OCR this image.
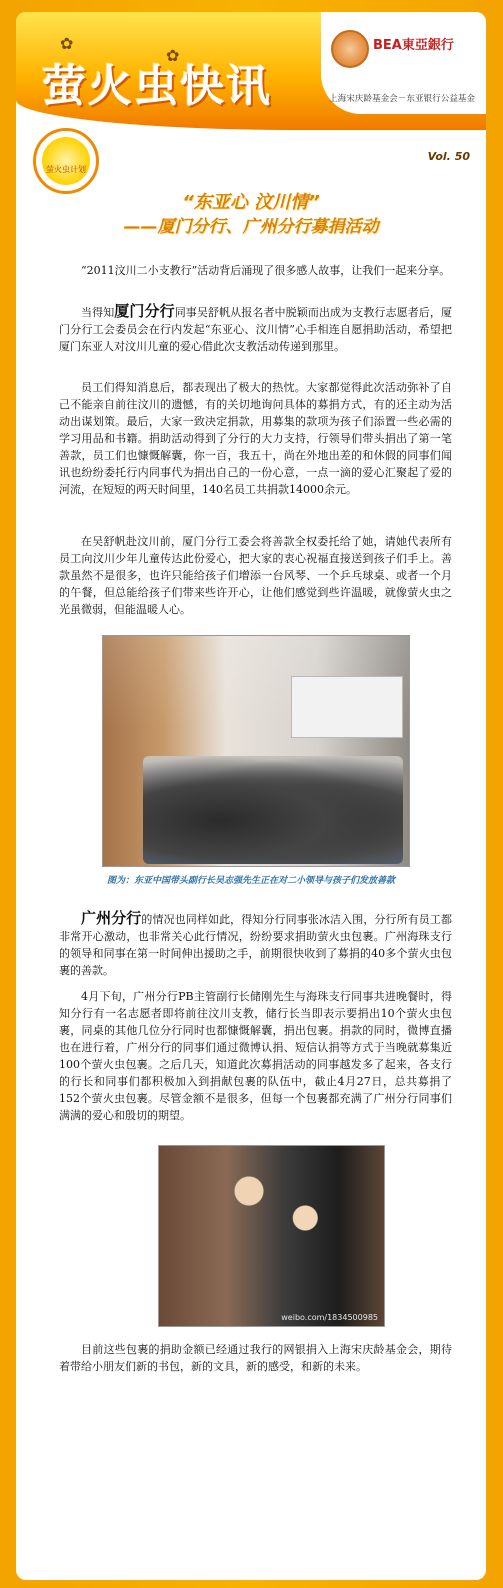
✿
✿
萤火虫快讯
BEA東亞銀行
上海宋庆龄基金会－东亚银行公益基金
萤火虫计划
Vol. 50
“东亚心 汶川情”
——厦门分行、广州分行募捐活动

“2011汶川二小支教行”活动背后涌现了很多感人故事，让我们一起来分享。

当得知厦门分行同事吴舒帆从报名者中脱颖而出成为支教行志愿者后，厦门分行工会委员会在行内发起“东亚心、汶川情”心手相连自愿捐助活动，希望把厦门东亚人对汶川儿童的爱心借此次支教活动传递到那里。

员工们得知消息后，都表现出了极大的热忱。大家都觉得此次活动弥补了自己不能亲自前往汶川的遗憾，有的关切地询问具体的募捐方式，有的还主动为活动出谋划策。最后，大家一致决定捐款，用募集的款项为孩子们添置一些必需的学习用品和书籍。捐助活动得到了分行的大力支持，行领导们带头捐出了第一笔善款，员工们也慷慨解囊，你一百，我五十，尚在外地出差的和休假的同事们闻讯也纷纷委托行内同事代为捐出自己的一份心意，一点一滴的爱心汇聚起了爱的河流，在短短的两天时间里，140名员工共捐款14000余元。

在吴舒帆赴汶川前，厦门分行工委会将善款全权委托给了她，请她代表所有员工向汶川少年儿童传达此份爱心，把大家的衷心祝福直接送到孩子们手上。善款虽然不是很多，也许只能给孩子们增添一台风琴、一个乒乓球桌、或者一个月的午餐，但总能给孩子们带来些许开心，让他们感觉到些许温暖，就像萤火虫之光虽微弱，但能温暖人心。

图为：东亚中国带头副行长吴志强先生正在对二小领导与孩子们发放善款

广州分行的情况也同样如此，得知分行同事张冰洁入围，分行所有员工都非常开心激动，也非常关心此行情况，纷纷要求捐助萤火虫包裹。广州海珠支行的领导和同事在第一时间伸出援助之手，前期很快收到了募捐的40多个萤火虫包裹的善款。

4月下旬，广州分行PB主管副行长储刚先生与海珠支行同事共进晚餐时，得知分行有一名志愿者即将前往汶川支教，储行长当即表示要捐出10个萤火虫包裹，同桌的其他几位分行同时也都慷慨解囊，捐出包裹。捐款的同时，微博直播也在进行着，广州分行的同事们通过微博认捐、短信认捐等方式于当晚就募集近100个萤火虫包裹。之后几天，知道此次募捐活动的同事越发多了起来，各支行的行长和同事们都积极加入到捐献包裹的队伍中，截止4月27日，总共募捐了152个萤火虫包裹。尽管金额不是很多，但每一个包裹都充满了广州分行同事们满满的爱心和殷切的期望。

weibo.com/1834500985

目前这些包裹的捐助金额已经通过我行的网银捐入上海宋庆龄基金会，期待着带给小朋友们新的书包，新的文具，新的感受，和新的未来。
